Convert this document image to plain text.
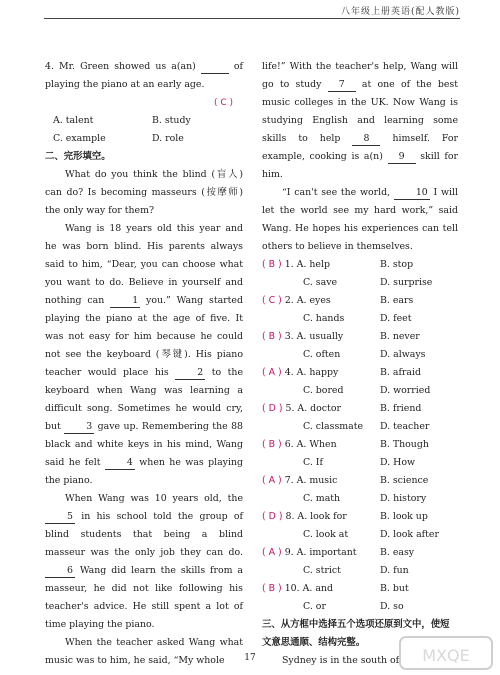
八年级上册英语(配人教版)

4. Mr. Green showed us a(an)	of playing the piano at an early age.

( C )
A. talent	B. study
C. example	D. role
二、完形填空。

What do you think the blind (盲人) can do? Is becoming masseurs (按摩师) the only way for them?

Wang is 18 years old this year and he was born blind. His parents always said to him, “Dear, you can choose what you want to do. Believe in yourself and nothing can	1 you.” Wang started playing the piano at the age of five. It was not easy for him because he could not see the keyboard (琴键). His piano teacher would place his	2 to the keyboard when Wang was learning a difficult song. Sometimes he would cry, but	3 gave up. Remembering the 88 black and white keys in his mind, Wang said he felt	4 when he was playing the piano.

When Wang was 10 years old, the 5 in his school told the group of blind students that being a blind masseur was the only job they can do. 6 Wang did learn the skills from a masseur, he did not like following his teacher's advice. He still spent a lot of time playing the piano.

When the teacher asked Wang what music was to him, he said, “My whole

life!” With the teacher's help, Wang will go to study 7 at one of the best music colleges in the UK. Now Wang is studying English and learning some skills to help 8 himself. For example, cooking is a(n) 9 skill for him.

“I can't see the world,	10 I will let the world see my hard work,” said Wang. He hopes his experiences can tell others to believe in themselves.

( B ) 1. A. help	B. stop
C. save	D. surprise
( C ) 2. A. eyes	B. ears
C. hands	D. feet
( B ) 3. A. usually	B. never
C. often	D. always
( A ) 4. A. happy	B. afraid
C. bored	D. worried
( D ) 5. A. doctor	B. friend
C. classmate	D. teacher
( B ) 6. A. When	B. Though
C. If	D. How
( A ) 7. A. music	B. science
C. math	D. history
( D ) 8. A. look for	B. look up
C. look at	D. look after
( A ) 9. A. important	B. easy
C. strict	D. fun
( B ) 10. A. and	B. but
C. or	D. so
三、从方框中选择五个选项还原到文中，使短文意思通顺、结构完整。

Sydney is in the south of

17	MXQE
